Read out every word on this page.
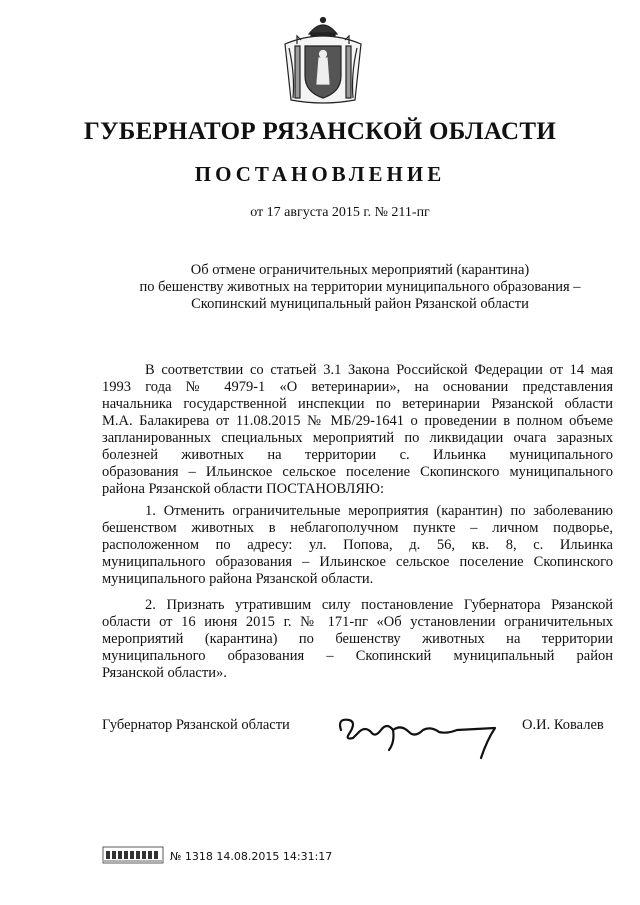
ГУБЕРНАТОР РЯЗАНСКОЙ ОБЛАСТИ
ПОСТАНОВЛЕНИЕ
от 17 августа 2015 г. № 211-пг
Об отмене ограничительных мероприятий (карантина)
по бешенству животных на территории муниципального образования –
Скопинский муниципальный район Рязанской области
В соответствии со статьей 3.1 Закона Российской Федерации от 14 мая
1993 года № 4979-1 «О ветеринарии», на основании представления
начальника государственной инспекции по ветеринарии Рязанской области
М.А. Балакирева от 11.08.2015 № МБ/29-1641 о проведении в полном объеме
запланированных специальных мероприятий по ликвидации очага заразных
болезней животных на территории с. Ильинка муниципального
образования – Ильинское сельское поселение Скопинского муниципального
района Рязанской области ПОСТАНОВЛЯЮ:
1. Отменить ограничительные мероприятия (карантин) по заболеванию
бешенством животных в неблагополучном пункте – личном подворье,
расположенном по адресу: ул. Попова, д. 56, кв. 8, с. Ильинка
муниципального образования – Ильинское сельское поселение Скопинского
муниципального района Рязанской области.
2. Признать утратившим силу постановление Губернатора Рязанской
области от 16 июня 2015 г. № 171-пг «Об установлении ограничительных
мероприятий (карантина) по бешенству животных на территории
муниципального образования – Скопинский муниципальный район
Рязанской области».
Губернатор Рязанской области	О.И. Ковалев
№ 1318 14.08.2015 14:31:17
